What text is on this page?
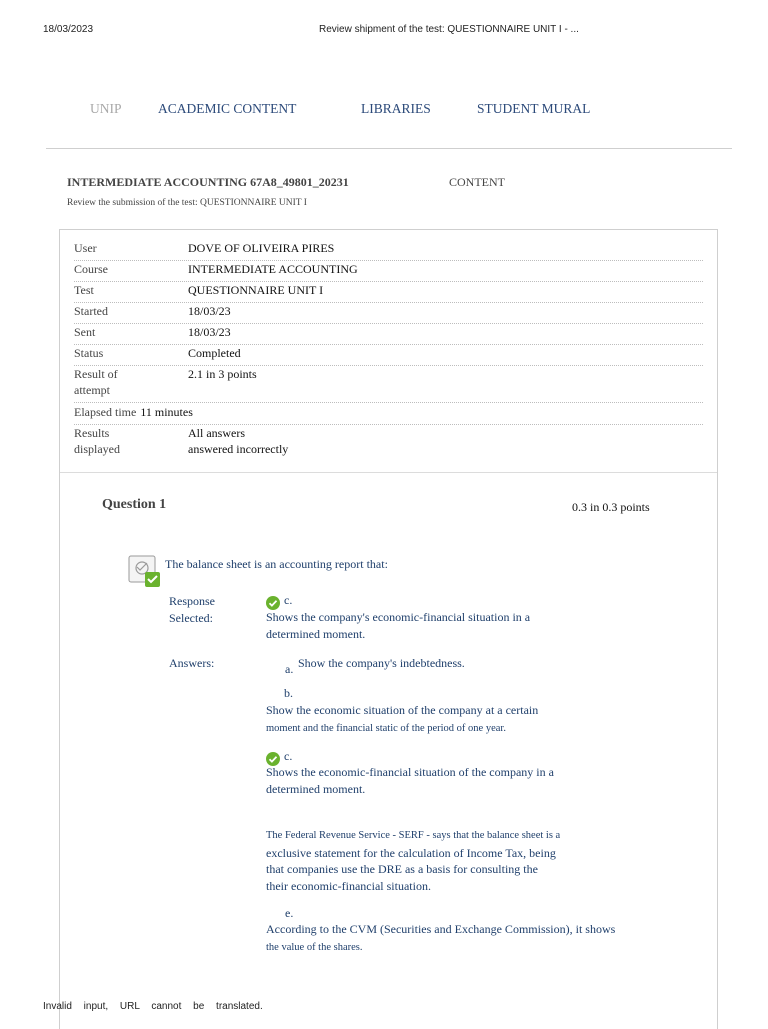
18/03/2023	Review shipment of the test: QUESTIONNAIRE UNIT I - ...
UNIP	ACADEMIC CONTENT	LIBRARIES	STUDENT MURAL
INTERMEDIATE ACCOUNTING 67A8_49801_20231	CONTENT
Review the submission of the test: QUESTIONNAIRE UNIT I
User	DOVE OF OLIVEIRA PIRES
Course	INTERMEDIATE ACCOUNTING
Test	QUESTIONNAIRE UNIT I
Started	18/03/23
Sent	18/03/23
Status	Completed
Result of
attempt
2.1 in 3 points
Elapsed time 11 minutes
Results
displayed
All answers
answered incorrectly
Question 1	0.3 in 0.3 points
The balance sheet is an accounting report that:
Response
Selected:
c.
Shows the company's economic-financial situation in a
determined moment.
Answers:	a. Show the company's indebtedness.
b.
Show the economic situation of the company at a certain
moment and the financial static of the period of one year.
c.
Shows the economic-financial situation of the company in a
determined moment.
The Federal Revenue Service - SERF - says that the balance sheet is a
exclusive statement for the calculation of Income Tax, being
that companies use the DRE as a basis for consulting the
their economic-financial situation.
e.
According to the CVM (Securities and Exchange Commission), it shows
the value of the shares.
Invalid input, URL cannot be translated.
